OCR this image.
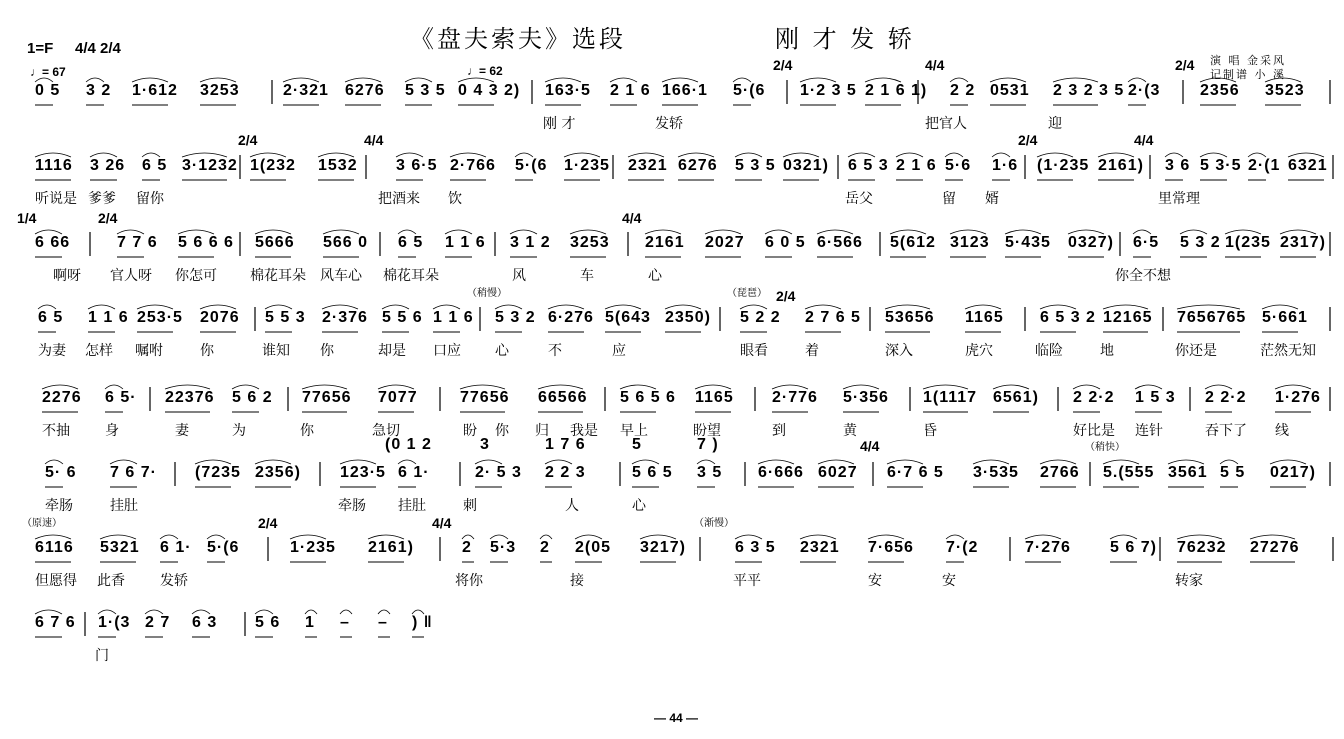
《盘夫索夫》选段	刚 才 发 轿
1=F 4/4 2/4
♩= 67	♩= 62
演 唱 金采风
记制谱 小 溪
0 5 3 2 1·612 3253	2·321 6276 5 3 5 0 4 3 2) 163·5 2 1 6 166·1 5·(6 1·2 3 5 2 1 6 1) 2 2 0531 2 3 2 3 5 2·(3 2356 3523
刚 才	发轿	把官人	迎
2/4	4/4	2/4
1116 3 26 6 5 3·1232 1(232 1532 3 6·5 2·766 5·(6 1·235 2321 6276 5 3 5 0321) 6 5 3 2 1 6 5·6 1·6 (1·235 2161) 3 6 5 3·5 2·(1 6321
听说是 爹爹 留你	把酒来 饮	岳父	留 婿	里常理
2/4	4/4	2/4	4/4
6 66	7 7 6 5 6 6 6 5666 566 0 6 5 1 1 6 3 1 2 3253 2161 2027 6 0 5 6·566 5(612 3123 5·435 0327) 6·5 5 3 2 1(235 2317)
啊呀 官人呀 你怎可 棉花耳朵 风车心 棉花耳朵	风	车	心	你全不想
1/4	2/4	4/4
6 5 1 1 6 253·5 2076 5 5 3 2·376 5 5 6 1 1 6 5 3 2 6·276 5(643 2350) 5 2 2 2 7 6 5 53656 1165 6 5 3 2 12165 7656765 5·661
为妻 怎样 嘱咐	你	谁知 你	却是 口应 心	不	应	眼看	着	深入	虎穴	临险	地	你还是	茫然无知
2/4
（稍慢）	（琵琶）
2276 6 5· 22376 5 6 2 77656 7077	77656 66566 5 6 5 6 1165 2·776 5·356 1(1117 6561) 2 2·2 1 5 3 2 2·2 1·276
不抽	身	妻	为	你	急切	盼 你 归 我是 早上	盼望	到	黄	昏	好比是 连针	吞下了 线
5· 6 7 6 7· (7235 2356) 123·5 6 1·	2· 5 3 2 2 3	5 6 5 3 5 6·666 6027 6·7 6 5 3·535 2766 5.(555 3561 5 5 0217)
牵肠	挂肚	牵肠 挂肚	刺	人	心
4/4
(0 1 2	3	1 7 6	5	7 )	（稍快）
6116 5321 6 1· 5·(6	1·235 2161)	2 5·3 2 2(05 3217)	6 3 5 2321 7·656 7·(2	7·276 5 6 7) 76232 27276
但愿得 此香	发轿	将你	接	平平	安	安	转家
2/4	4/4
（原速）	（渐慢）
6 7 6 1·(3 2 7 6 3 5 6 1 – – ) ‖
门
— 44 —
